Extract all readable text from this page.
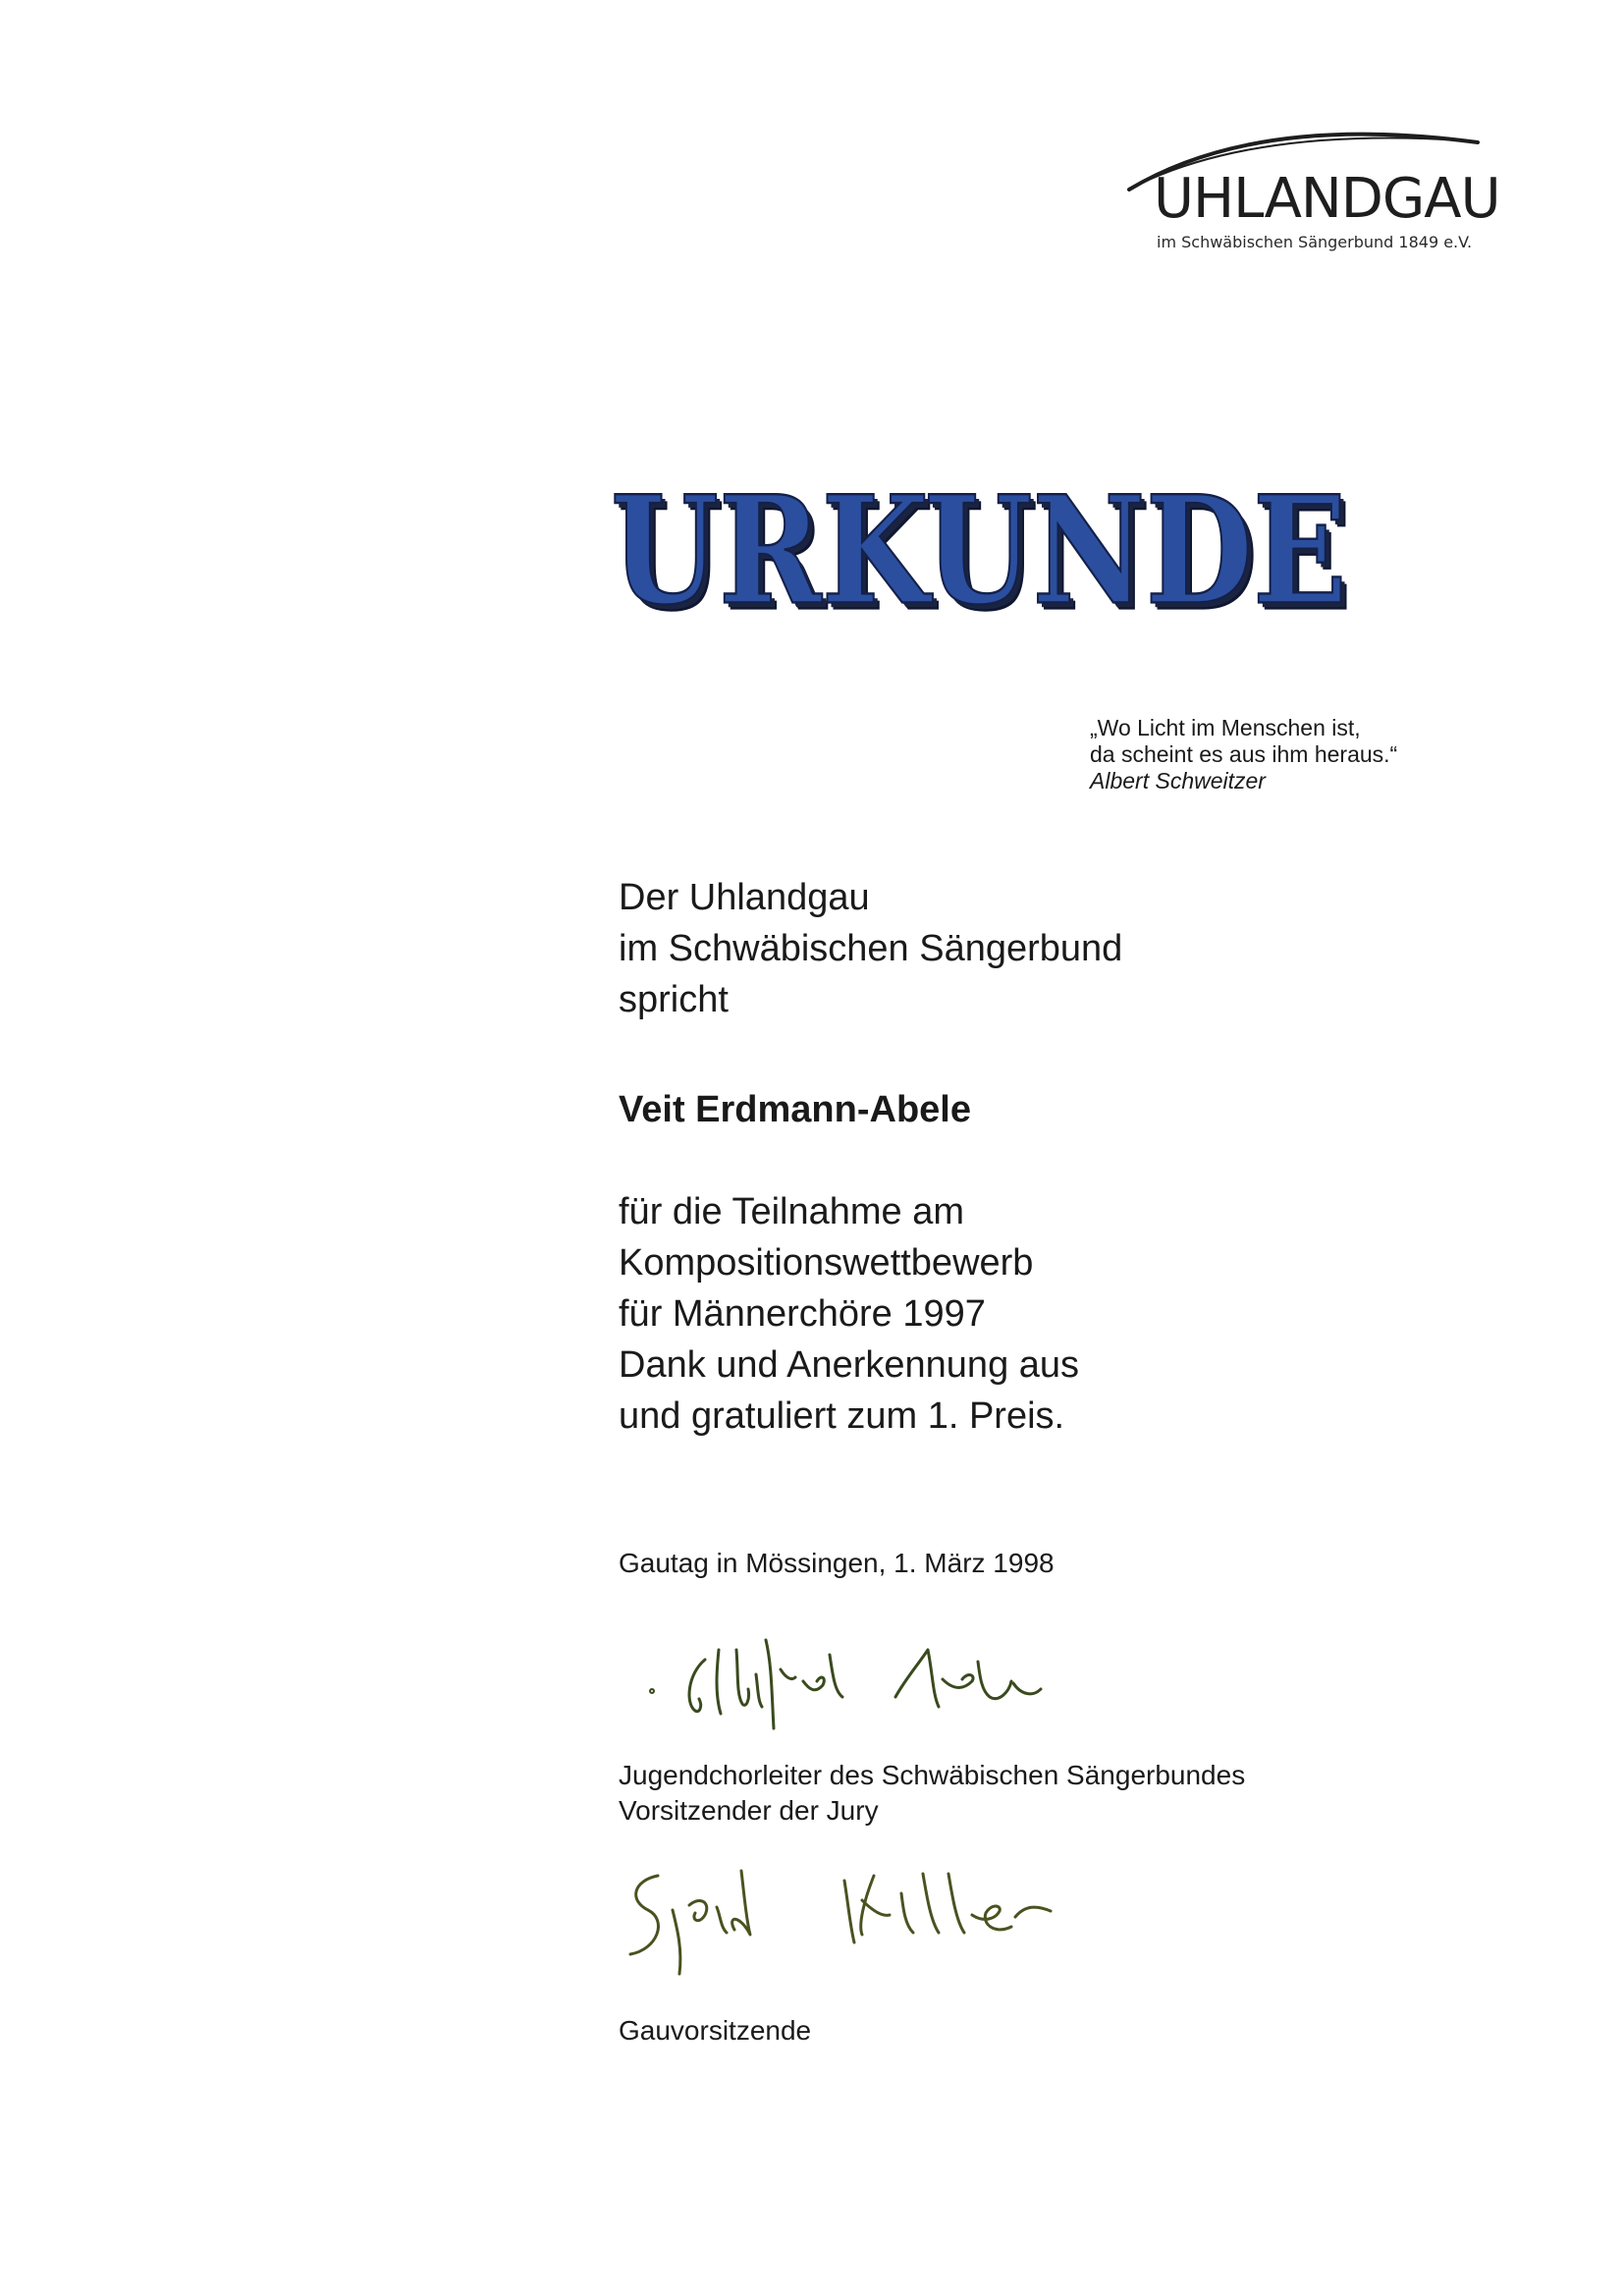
UHLANDGAU
im Schwäbischen Sängerbund 1849 e.V.
URKUNDE
„Wo Licht im Menschen ist,
da scheint es aus ihm heraus.“
Albert Schweitzer
Der Uhlandgau
im Schwäbischen Sängerbund
spricht
Veit Erdmann-Abele
für die Teilnahme am
Kompositionswettbewerb
für Männerchöre 1997
Dank und Anerkennung aus
und gratuliert zum 1. Preis.
Gautag in Mössingen, 1. März 1998
Jugendchorleiter des Schwäbischen Sängerbundes
Vorsitzender der Jury
Gauvorsitzende
